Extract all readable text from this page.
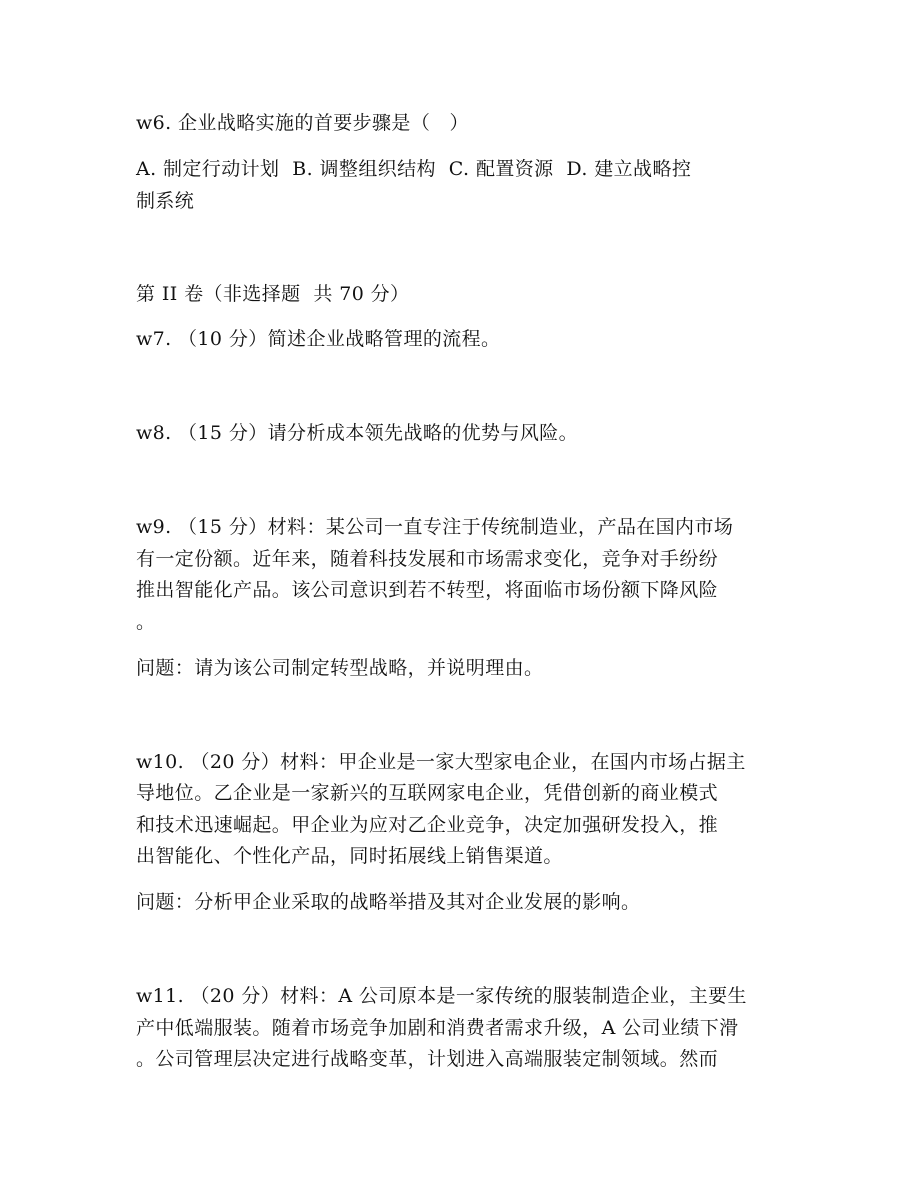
w6. 企业战略实施的首要步骤是（   ）
A. 制定行动计划  B. 调整组织结构  C. 配置资源  D. 建立战略控
制系统
第 II 卷（非选择题  共 70 分）
w7. （10 分）简述企业战略管理的流程。
w8. （15 分）请分析成本领先战略的优势与风险。
w9. （15 分）材料：某公司一直专注于传统制造业，产品在国内市场
有一定份额。近年来，随着科技发展和市场需求变化，竞争对手纷纷
推出智能化产品。该公司意识到若不转型，将面临市场份额下降风险
。
问题：请为该公司制定转型战略，并说明理由。
w10. （20 分）材料：甲企业是一家大型家电企业，在国内市场占据主
导地位。乙企业是一家新兴的互联网家电企业，凭借创新的商业模式
和技术迅速崛起。甲企业为应对乙企业竞争，决定加强研发投入，推
出智能化、个性化产品，同时拓展线上销售渠道。
问题：分析甲企业采取的战略举措及其对企业发展的影响。
w11. （20 分）材料：A 公司原本是一家传统的服装制造企业，主要生
产中低端服装。随着市场竞争加剧和消费者需求升级，A 公司业绩下滑
。公司管理层决定进行战略变革，计划进入高端服装定制领域。然而
